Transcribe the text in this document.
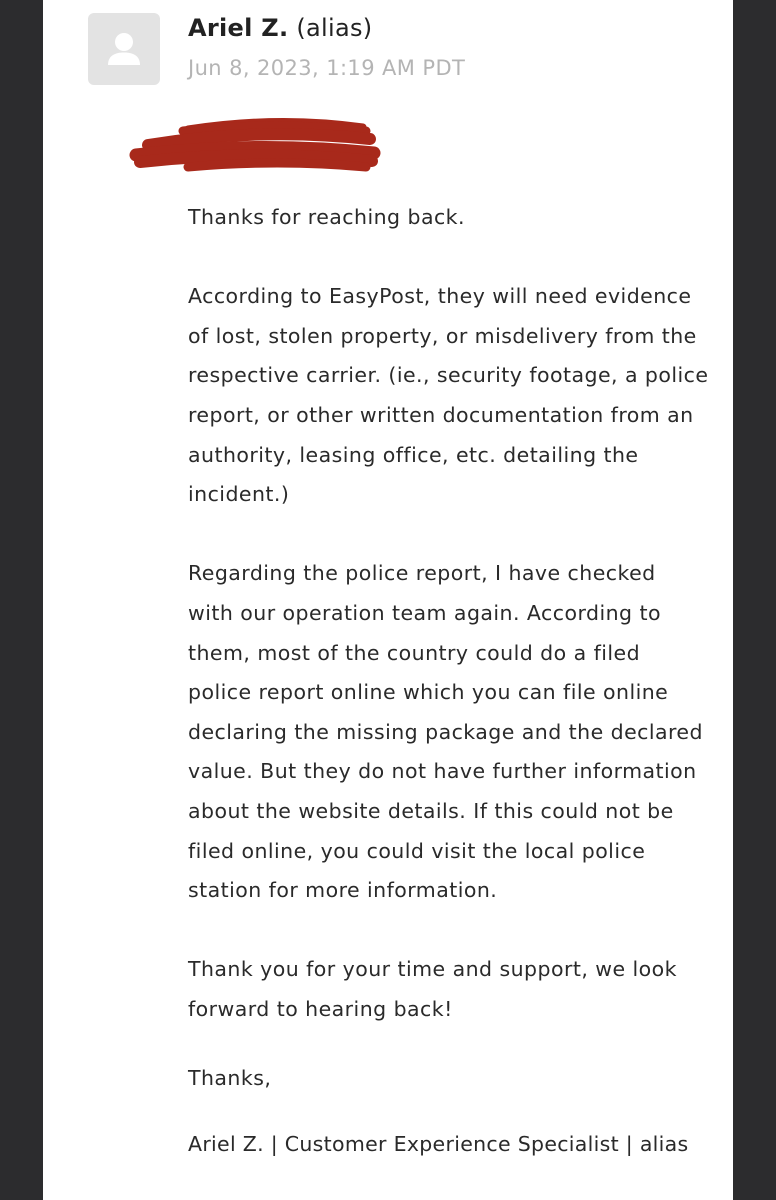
Ariel Z. (alias)
Jun 8, 2023, 1:19 AM PDT

Thanks for reaching back.

According to EasyPost, they will need evidence
of lost, stolen property, or misdelivery from the
respective carrier. (ie., security footage, a police
report, or other written documentation from an
authority, leasing office, etc. detailing the
incident.)

Regarding the police report, I have checked
with our operation team again. According to
them, most of the country could do a filed
police report online which you can file online
declaring the missing package and the declared
value. But they do not have further information
about the website details. If this could not be
filed online, you could visit the local police
station for more information.

Thank you for your time and support, we look
forward to hearing back!

Thanks,
Ariel Z. | Customer Experience Specialist | alias
